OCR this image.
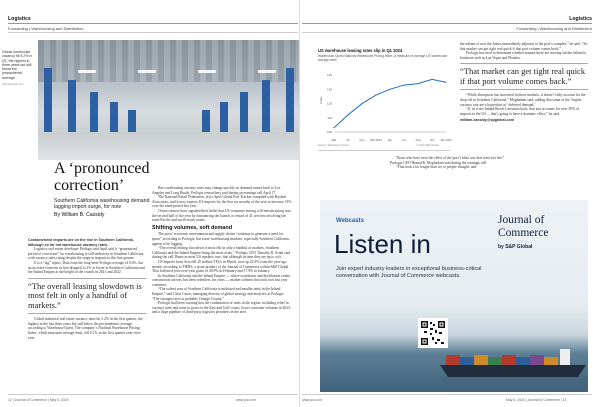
Logistics
Forwarding | Warehousing and Distribution
Global warehouse vacancy hit 5.2% in Q1, the highest in three years but still below the prepandemic average.
Shutterstock.com
A ‘pronounced correction’
Southern California warehousing demand lagging import surge, for now
By William B. Cassidy

Containerized imports are on the rise in Southern California, although so far not warehouse vacancy rates.

Logistics real estate developer Prologis said April said it “pronounced period of correction” for warehousing is still underway in Southern California, with vacancy rates rising despite the surge in imports in the first quarter.

It is a “lag” report. Data from the long-term Prologis average of 6.6%, but an increase from ten in first dropped to 2% or lower in Southern California and the Inland Empire at the height of the crunch in 2021 and 2022.

“The overall leasing slowdown is most felt in only a handful of markets.”

Global industrial real estate vacancy rates hit 5.2% in the first quarter, the highest in the last three years but still below the pre-pandemic average, according to Warehouse Quest. The company’s National Warehouse Pricing Index, which measures average rents, fell 0.1% in the first quarter year-over-year.

But warehousing vacancy rates may change quickly on demand comes back to Los Angeles and Long Beach, Prologis researchers said during an earnings call April 17.

The National Retail Federation, in its April Global Port Tracker compiled with Hackett Associates, said it now expects US imports for the first six months of the year to increase 13% over the same period last year.

Ocean carriers have signaled their belief that US consumer buying will remain strong into the second half of the year by announcing the launch or restart of 41 services involving the trans-Pacific and north-south routes.

Shifting volumes, soft demand

The ports’ economic environment and supply chains “continue to generate a need for space” according to Prologis, but some warehousing markets, especially Southern California, appear to be lagging.

“The overall leasing slowdown is most felt in only a handful of markets, Southern California and the Inland Empire being the most acute,” Prologis CEO Timothy D. Arndt said during the call. Rents in most US markets rose, that although in time they are up to soft.

US imports from Asia fell 20 million TEUs in March, rose up 22.6% from the year-ago month, according to PIERS, a sister product of the Journal of Commerce within S&P Global. That followed year-over-year gains of 40.9% in February and 17.9% in January.

In Southern California and the Inland Empire — where warehouse and distribution center construction activity has been relentless for years — market softness that took root last year continues.

“The softest area of Southern California is midsized and smaller units in the Inland Empire,” said Chris Caton, managing director of global strategy and analytics at Prologis. “The strongest area is probably Orange County.”

Prologis had been warning that the combination of rents in the region, including relief in vacancy rates and rents to ports on the East and Gulf coasts, lower container volumes in 2023, and a large pipeline of third-party logistics providers in the area.

12 | Journal of Commerce | May 6, 2024	www.joc.com
Logistics
Forwarding | Warehousing and Distribution
US warehouse leasing rates slip in Q1 2024
Warehouse Quest National Warehouse Pricing Index, a measure of average US warehouse storage rates
100
110
120
130
140
Index
Mar	Jul	Nov Mar 2023 Apr	Jun	Aug	Oct Jan 2024
Source: Warehouse Quest	© 2024 S&P Global

Those who have seen the effect of the port’s blast was that were not felt,” Prologis CEO Hamid R. Moghadam said during the earnings call.

“That took a lot longer than we or people thought, and

the advent of new the leases immediately adjacent to the port’s complex,” he said. “So that market can get right real quick if that port volume comes back.”

Prologis has tried to determine whether tenants there are moving further inland to locations such as Las Vegas and Phoenix.

“That market can get tight real quick if that port volume comes back.”

“While absorption has increased in those markets, it doesn’t fully account for the drop-off in Southern California,” Moghadam said, adding that some of the “higher vacancy rate are a byproduct of ‘deferred demand.’

“If, as is the Inland Beach I mention back, that just accounts for over 50% of imports in the US ... that’s going to have a dramatic effect,” he said.

william.cassidy@spglobal.com

Webcasts
Listen in
Join expert industry leaders in exceptional business-critical conversation with Journal of Commerce webcasts.
Journal of
Commerce
by S&P Global
www.joc.com	May 6, 2024 | Journal of Commerce | 13
